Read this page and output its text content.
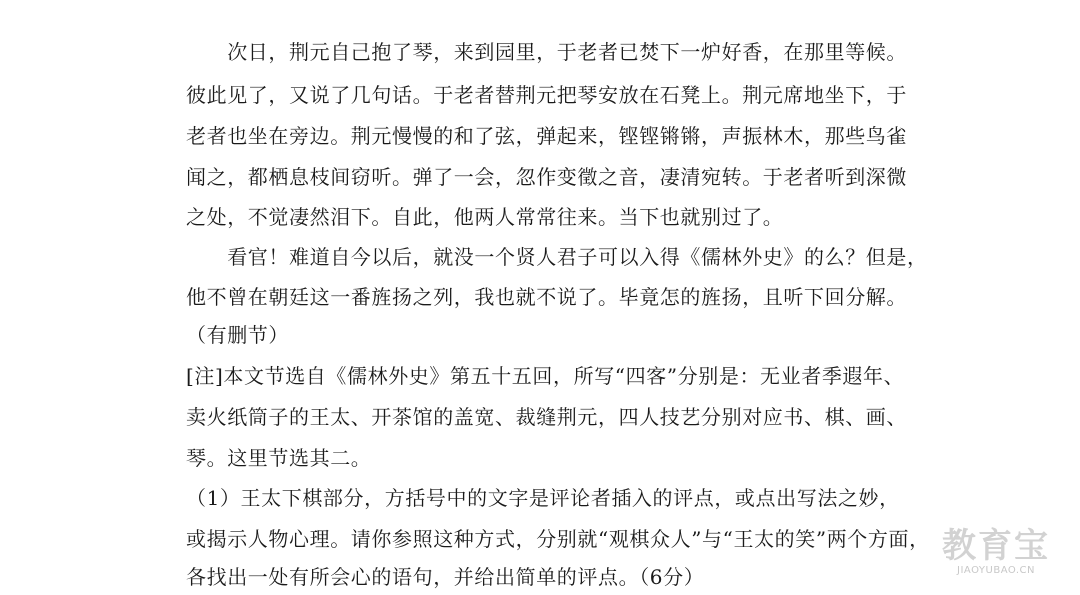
　　次日，荆元自己抱了琴，来到园里，于老者已焚下一炉好香，在那里等候。
彼此见了，又说了几句话。于老者替荆元把琴安放在石凳上。荆元席地坐下，于
老者也坐在旁边。荆元慢慢的和了弦，弹起来，铿铿锵锵，声振林木，那些鸟雀
闻之，都栖息枝间窃听。弹了一会，忽作变徵之音，凄清宛转。于老者听到深微
之处，不觉凄然泪下。自此，他两人常常往来。当下也就别过了。
　　看官！难道自今以后，就没一个贤人君子可以入得《儒林外史》的么？但是，
他不曾在朝廷这一番旌扬之列，我也就不说了。毕竟怎的旌扬，且听下回分解。
（有删节）
[注]本文节选自《儒林外史》第五十五回，所写“四客”分别是：无业者季遐年、
卖火纸筒子的王太、开茶馆的盖宽、裁缝荆元，四人技艺分别对应书、棋、画、
琴。这里节选其二。
（1）王太下棋部分，方括号中的文字是评论者插入的评点，或点出写法之妙，
或揭示人物心理。请你参照这种方式，分别就“观棋众人”与“王太的笑”两个方面，
各找出一处有所会心的语句，并给出简单的评点。（6分）
教育宝
JIAOYUBAO.CN
